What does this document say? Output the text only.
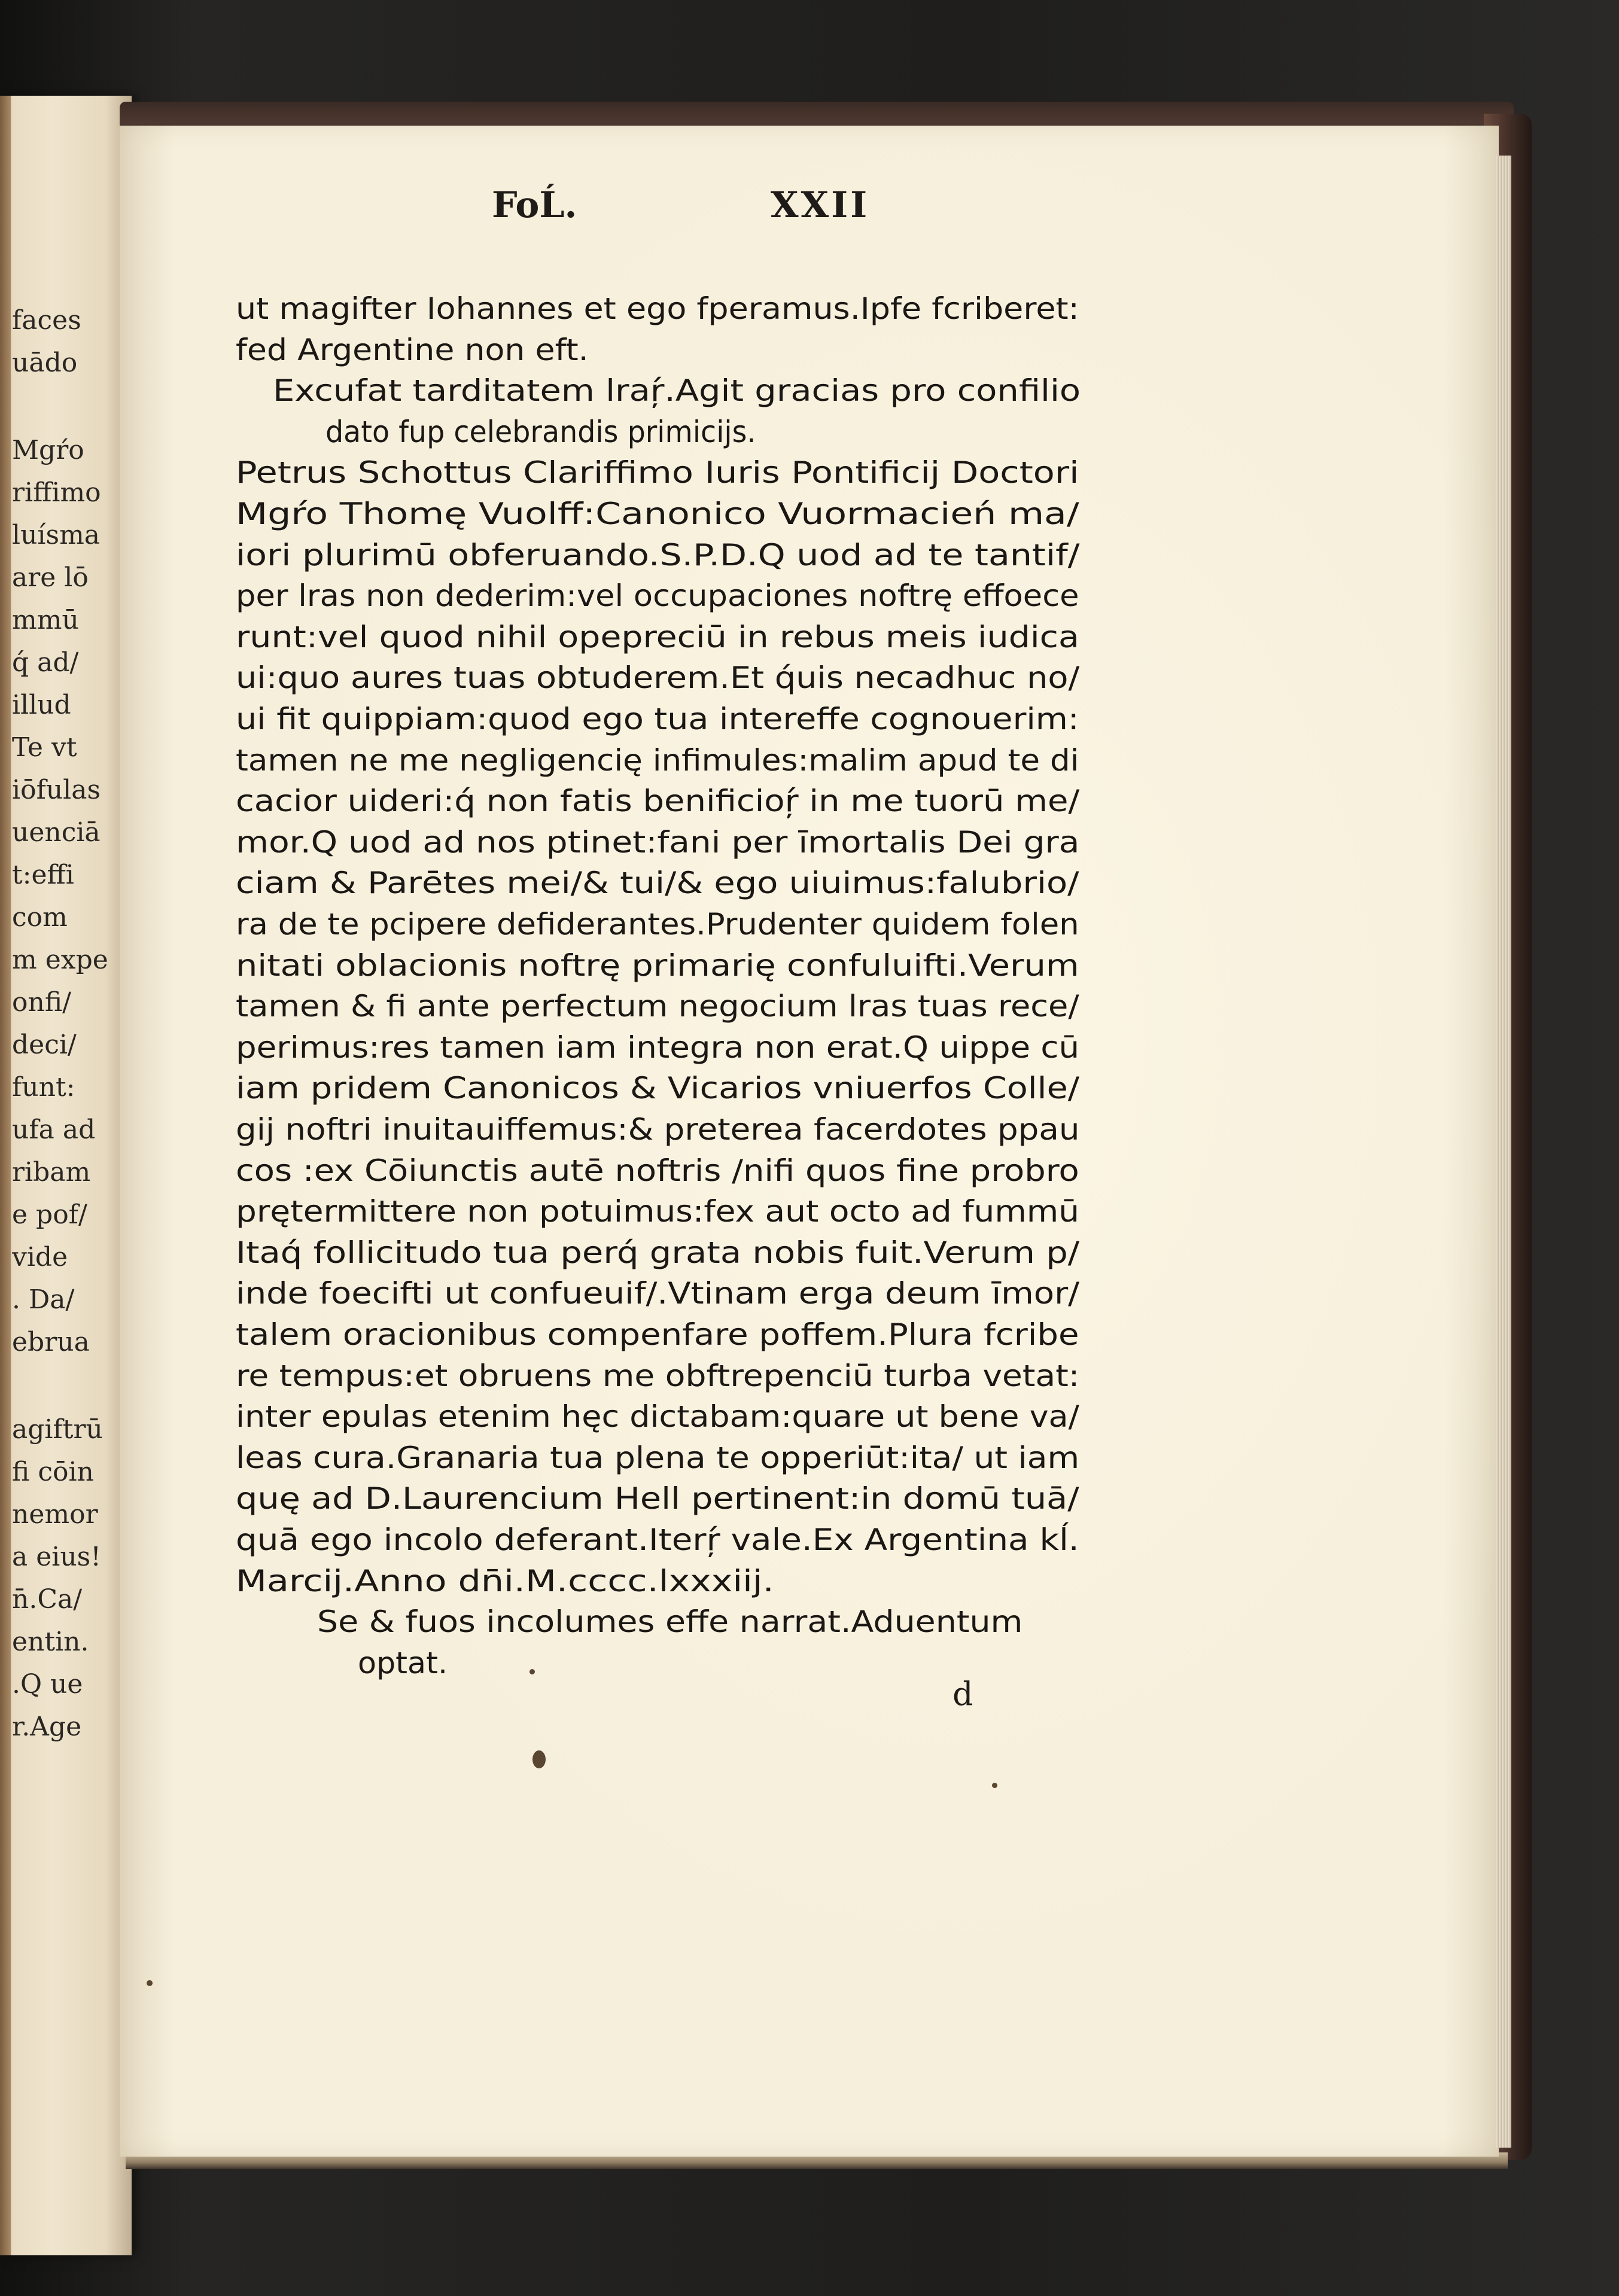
faces
uādo
Mgŕo
riffimo
luísma
are lō
mmū
q́ ad/
illud
Te vt
iōfulas
uenciā
t:effi
com
m expe
onfi/
deci/
funt:
ufa ad
ribam
e pof/
vide
. Da/
ebrua
agiftrū
fi cōin
nemor
a eius!
n̄.Ca/
entin.
.Q ue
r.Age
FoĹ.	XXII
ut magifter Iohannes et ego fperamus.Ipfe fcriberet:
fed Argentine non eft.
Excufat tarditatem lraŗ́.Agit gracias pro confilio
dato fup celebrandis primicijs.
Petrus Schottus Clariffimo Iuris Pontificij Doctori
Mgŕo Thomę Vuolff:Canonico Vuormacień ma/
iori plurimū obferuando.S.P.D.Q uod ad te tantif/
per lras non dederim:vel occupaciones noftrę effoece
runt:vel quod nihil opepreciū in rebus meis iudica
ui:quo aures tuas obtuderem.Et q́uis necadhuc no/
ui fit quippiam:quod ego tua intereffe cognouerim:
tamen ne me negligencię infimules:malim apud te di
cacior uideri:q́ non fatis benificioŗ́ in me tuorū me/
mor.Q uod ad nos ptinet:fani per īmortalis Dei gra
ciam & Parētes mei/& tui/& ego uiuimus:falubrio/
ra de te pcipere defiderantes.Prudenter quidem folen
nitati oblacionis noftrę primarię confuluifti.Verum
tamen & fi ante perfectum negocium lras tuas rece/
perimus:res tamen iam integra non erat.Q uippe cū
iam pridem Canonicos & Vicarios vniuerfos Colle/
gij noftri inuitauiffemus:& preterea facerdotes ppau
cos :ex Cōiunctis autē noftris /nifi quos fine probro
prętermittere non potuimus:fex aut octo ad fummū
Itaq́ follicitudo tua perq́ grata nobis fuit.Verum p/
inde foecifti ut confueuif/.Vtinam erga deum īmor/
talem oracionibus compenfare poffem.Plura fcribe
re tempus:et obruens me obftrepenciū turba vetat:
inter epulas etenim hęc dictabam:quare ut bene va/
leas cura.Granaria tua plena te opperiūt:ita/ ut iam
quę ad D.Laurencium Hell pertinent:in domū tuā/
quā ego incolo deferant.Iterŗ́ vale.Ex Argentina kĺ.
Marcij.Anno dn̄i.M.cccc.lxxxiij.
Se & fuos incolumes effe narrat.Aduentum
optat.
d
